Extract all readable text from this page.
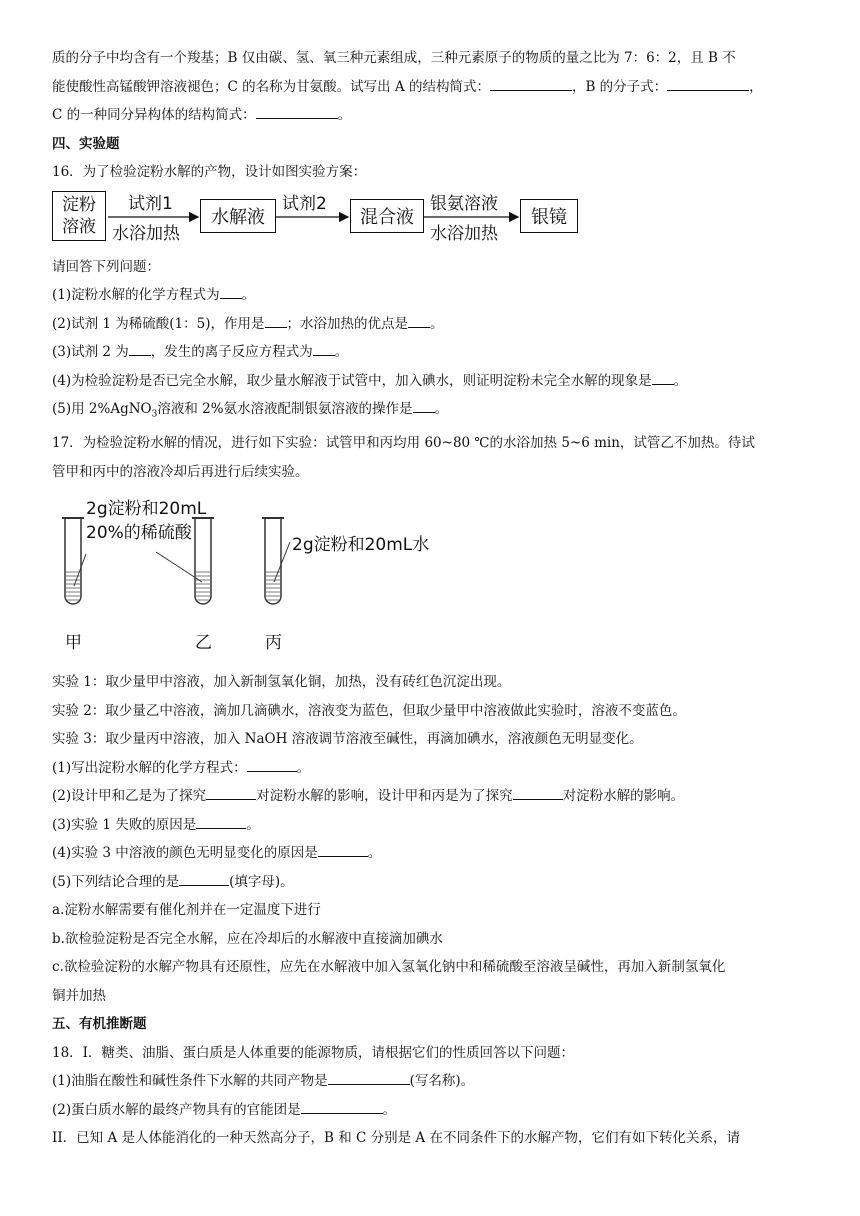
质的分子中均含有一个羧基；B 仅由碳、氢、氧三种元素组成，三种元素原子的物质的量之比为 7：6：2，且 B 不

能使酸性高锰酸钾溶液褪色；C 的名称为甘氨酸。试写出 A 的结构简式：	，B 的分子式：	，

C 的一种同分异构体的结构简式：	。

四、实验题

16．为了检验淀粉水解的产物，设计如图实验方案：

淀粉
溶液
试剂1
水浴加热
水解液
试剂2
混合液
银氨溶液
水浴加热
银镜

请回答下列问题：

(1)淀粉水解的化学方程式为 。

(2)试剂 1 为稀硫酸(1：5)，作用是 ；水浴加热的优点是 。

(3)试剂 2 为 ，发生的离子反应方程式为 。

(4)为检验淀粉是否已完全水解，取少量水解液于试管中，加入碘水，则证明淀粉未完全水解的现象是 。

(5)用 2%AgNO$_3$溶液和 2%氨水溶液配制银氨溶液的操作是 。

17．为检验淀粉水解的情况，进行如下实验：试管甲和丙均用 60~80 ℃的水浴加热 5~6 min，试管乙不加热。待试

管甲和丙中的溶液冷却后再进行后续实验。

2g淀粉和20mL
20%的稀硫酸
2g淀粉和20mL水
甲	乙	丙

实验 1：取少量甲中溶液，加入新制氢氧化铜，加热，没有砖红色沉淀出现。

实验 2：取少量乙中溶液，滴加几滴碘水，溶液变为蓝色，但取少量甲中溶液做此实验时，溶液不变蓝色。

实验 3：取少量丙中溶液，加入 NaOH 溶液调节溶液至碱性，再滴加碘水，溶液颜色无明显变化。

(1)写出淀粉水解的化学方程式：	。

(2)设计甲和乙是为了探究	对淀粉水解的影响，设计甲和丙是为了探究	对淀粉水解的影响。

(3)实验 1 失败的原因是	。

(4)实验 3 中溶液的颜色无明显变化的原因是	。

(5)下列结论合理的是	(填字母)。

a.淀粉水解需要有催化剂并在一定温度下进行

b.欲检验淀粉是否完全水解，应在冷却后的水解液中直接滴加碘水

c.欲检验淀粉的水解产物具有还原性，应先在水解液中加入氢氧化钠中和稀硫酸至溶液呈碱性，再加入新制氢氧化

铜并加热

五、有机推断题

18．I．糖类、油脂、蛋白质是人体重要的能源物质，请根据它们的性质回答以下问题：

(1)油脂在酸性和碱性条件下水解的共同产物是	(写名称)。

(2)蛋白质水解的最终产物具有的官能团是	。

II．已知 A 是人体能消化的一种天然高分子，B 和 C 分别是 A 在不同条件下的水解产物，它们有如下转化关系，请
